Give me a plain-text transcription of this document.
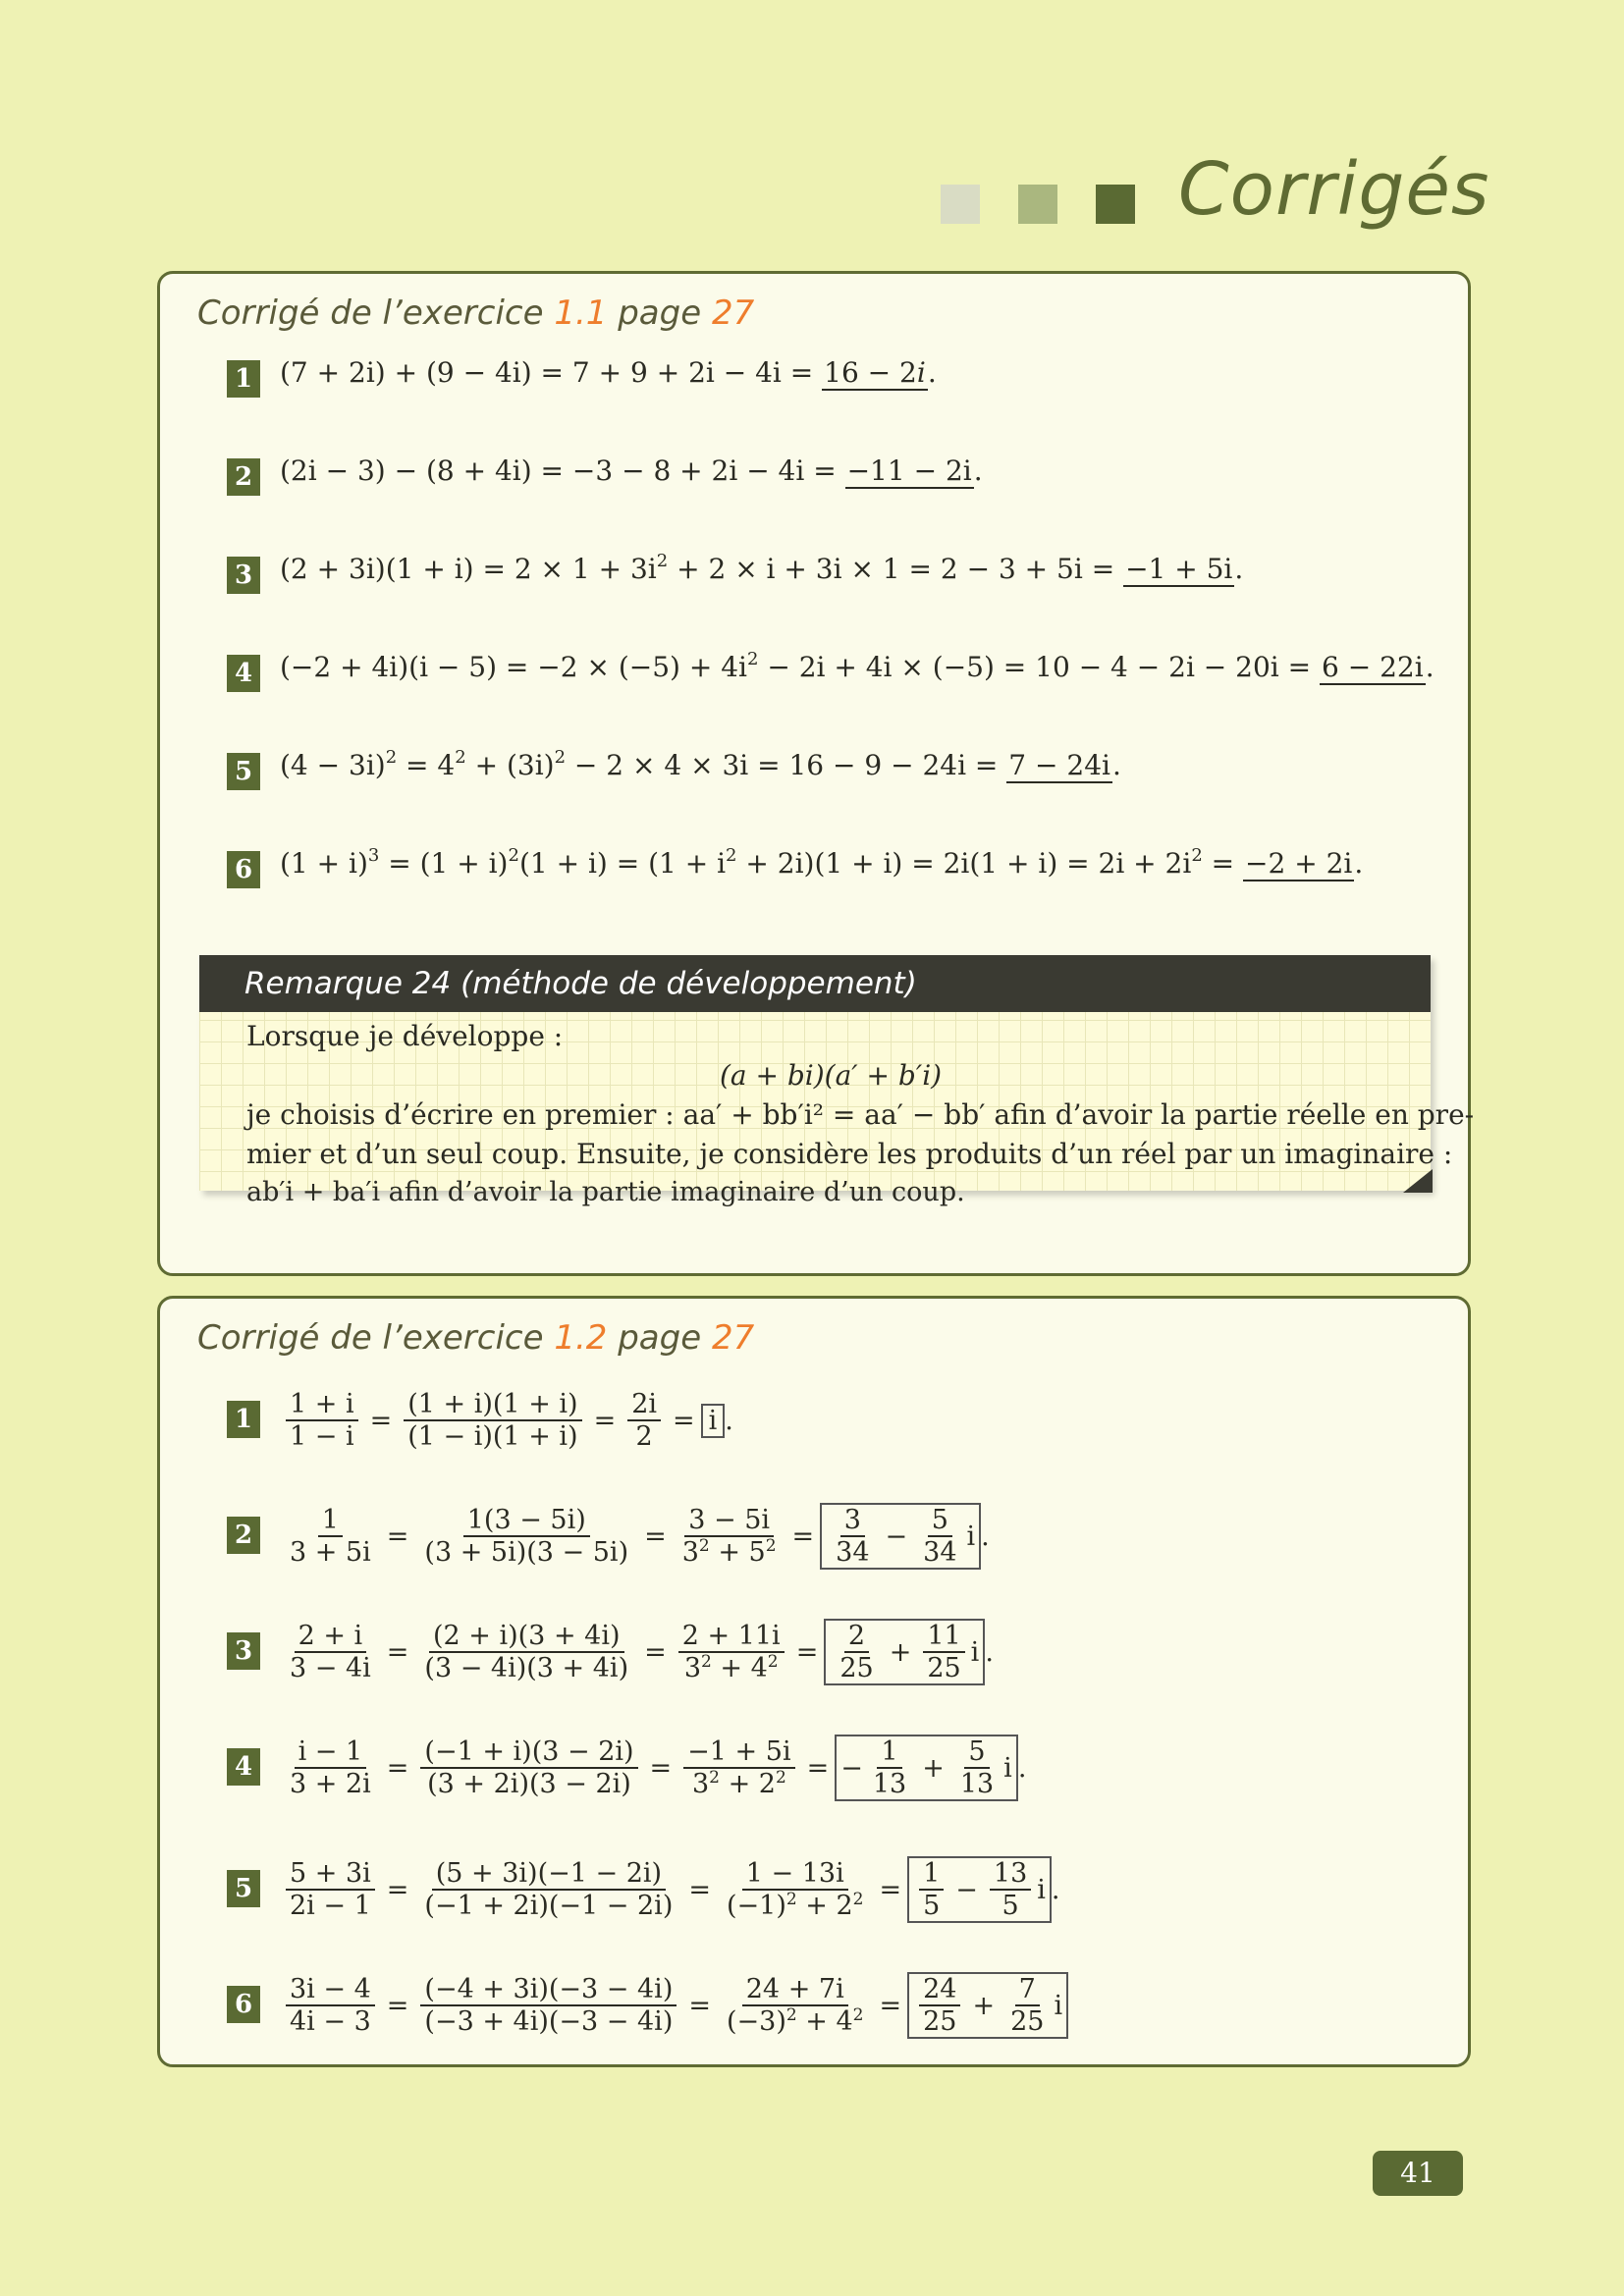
Corrigés
Corrigé de l’exercice 1.1 page 27
1 (7 + 2i) + (9 − 4i) = 7 + 9 + 2i − 4i = 16 − 2i.
2 (2i − 3) − (8 + 4i) = −3 − 8 + 2i − 4i = −11 − 2i.
3 $(2 + 3i)(1 + i) = 2 \times 1 + 3i^2 + 2 \times i + 3i \times 1 = 2 - 3 + 5i = -1 + 5i$.
4 $(-2 + 4i)(i - 5) = -2 \times (-5) + 4i^2 - 2i + 4i \times (-5) = 10 - 4 - 2i - 20i = 6 - 22i$.
5 $(4 - 3i)^2 = 4^2 + (3i)^2 - 2 \times 4 \times 3i = 16 - 9 - 24i = 7 - 24i$.
6 $(1 + i)^3 = (1 + i)^2(1 + i) = (1 + i^2 + 2i)(1 + i) = 2i(1 + i) = 2i + 2i^2 = -2 + 2i$.
Remarque 24 (méthode de développement)
Lorsque je développe :
(a + bi)(a′ + b′i)
je choisis d’écrire en premier : aa′ + bb′i² = aa′ − bb′ afin d’avoir la partie réelle en pre-
mier et d’un seul coup. Ensuite, je considère les produits d’un réel par un imaginaire :
ab′i + ba′i afin d’avoir la partie imaginaire d’un coup.
Corrigé de l’exercice 1.2 page 27
$1 \frac{1 + i}{1 - i} = \frac{(1 + i)(1 + i)}{(1 - i)(1 + i)} = \frac{2i}{2} = i$ .
$2 \frac{1}{3 + 5i} = \frac{1(3 - 5i)}{(3 + 5i)(3 - 5i)} = \frac{3 - 5i}{3^2 + 5^2} = \frac{3}{34} - \frac{5}{34}$ i .
$3 \frac{2 + i}{3 - 4i} = \frac{(2 + i)(3 + 4i)}{(3 - 4i)(3 + 4i)} = \frac{2 + 11i}{3^2 + 4^2} = \frac{2}{25} + \frac{11}{25}$ i .
$4 \frac{i - 1}{3 + 2i} = \frac{(-1 + i)(3 - 2i)}{(3 + 2i)(3 - 2i)} = \frac{-1 + 5i}{3^2 + 2^2}$ = − $\frac{1}{13} + \frac{5}{13}$ i .
$5 \frac{5 + 3i}{2i - 1} = \frac{(5 + 3i)(-1 - 2i)}{(-1 + 2i)(-1 - 2i)} = \frac{1 - 13i}{(-1)^2 + 2^2} = \frac{1}{5} - \frac{13}{5}$ i .
$6 \frac{3i - 4}{4i - 3} = \frac{(-4 + 3i)(-3 - 4i)}{(-3 + 4i)(-3 - 4i)} = \frac{24 + 7i}{(-3)^2 + 4^2} = \frac{24}{25} + \frac{7}{25}$ i
41
